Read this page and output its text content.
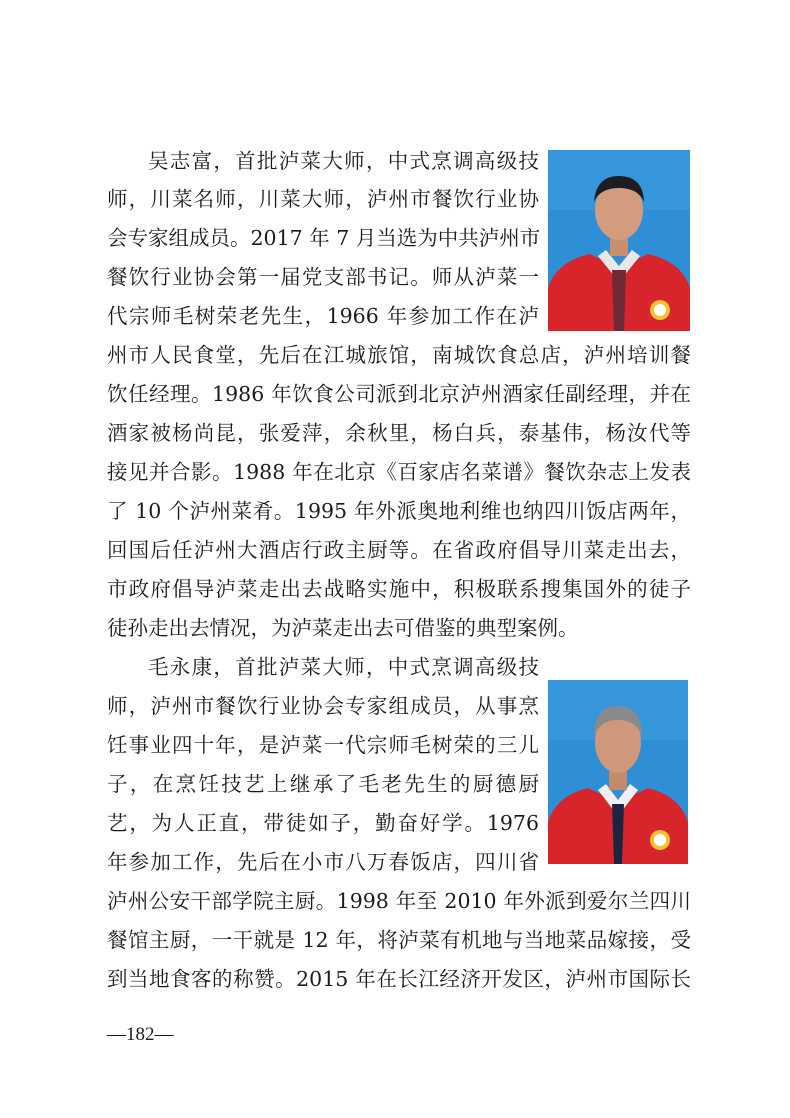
吴志富，首批泸菜大师，中式烹调高级技

师，川菜名师，川菜大师，泸州市餐饮行业协

会专家组成员。2017 年 7 月当选为中共泸州市

餐饮行业协会第一届党支部书记。师从泸菜一

代宗师毛树荣老先生，1966 年参加工作在泸

州市人民食堂，先后在江城旅馆，南城饮食总店，泸州培训餐

饮任经理。1986 年饮食公司派到北京泸州酒家任副经理，并在

酒家被杨尚昆，张爱萍，余秋里，杨白兵，泰基伟，杨汝代等

接见并合影。1988 年在北京《百家店名菜谱》餐饮杂志上发表

了 10 个泸州菜肴。1995 年外派奥地利维也纳四川饭店两年，

回国后任泸州大酒店行政主厨等。在省政府倡导川菜走出去，

市政府倡导泸菜走出去战略实施中，积极联系搜集国外的徒子

徒孙走出去情况，为泸菜走出去可借鉴的典型案例。

毛永康，首批泸菜大师，中式烹调高级技

师，泸州市餐饮行业协会专家组成员，从事烹

饪事业四十年，是泸菜一代宗师毛树荣的三儿

子，在烹饪技艺上继承了毛老先生的厨德厨

艺，为人正直，带徒如子，勤奋好学。1976

年参加工作，先后在小市八万春饭店，四川省

泸州公安干部学院主厨。1998 年至 2010 年外派到爱尔兰四川

餐馆主厨，一干就是 12 年，将泸菜有机地与当地菜品嫁接，受

到当地食客的称赞。2015 年在长江经济开发区，泸州市国际长

—182—
